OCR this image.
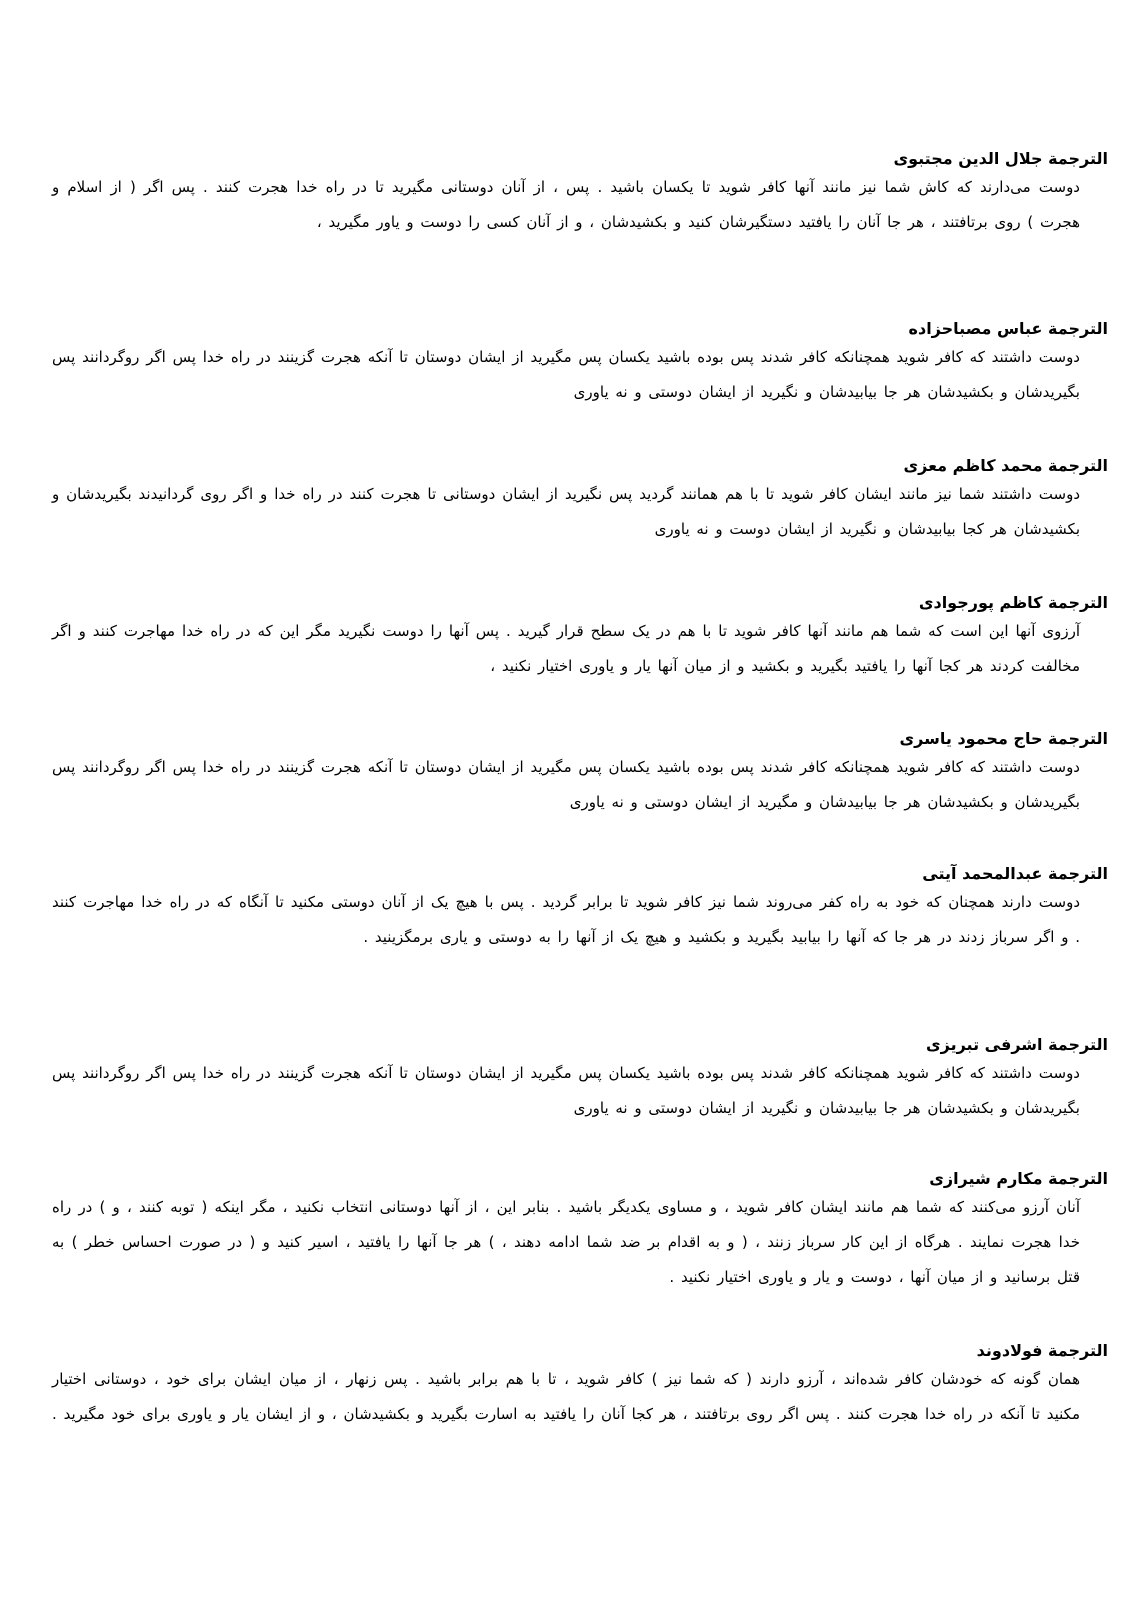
الترجمة جلال الدين مجتبوى

دوست می‌دارند که کاش شما نیز مانند آنها کافر شوید تا یکسان باشید . پس ، از آنان دوستانی مگیرید تا در راه خدا هجرت کنند . پس اگر ( از اسلام و هجرت ) روی برتافتند ، هر جا آنان را یافتید دستگیرشان کنید و بکشیدشان ، و از آنان کسی را دوست و یاور مگیرید ،

الترجمة عباس مصباحزاده

دوست داشتند که کافر شوید همچنانکه کافر شدند پس بوده باشید یکسان پس مگیرید از ایشان دوستان تا آنکه هجرت گزینند در راه خدا پس اگر روگردانند پس بگیریدشان و بکشیدشان هر جا بیابیدشان و نگیرید از ایشان دوستی و نه یاوری

الترجمة محمد کاظم معزی

دوست داشتند شما نیز مانند ایشان کافر شوید تا با هم همانند گردید پس نگیرید از ایشان دوستانی تا هجرت کنند در راه خدا و اگر روی گردانیدند بگیریدشان و بکشیدشان هر کجا بیابیدشان و نگیرید از ایشان دوست و نه یاوری

الترجمة کاظم پورجوادی

آرزوی آنها این است که شما هم مانند آنها کافر شوید تا با هم در یک سطح قرار گیرید . پس آنها را دوست نگیرید مگر این که در راه خدا مهاجرت کنند و اگر مخالفت کردند هر کجا آنها را یافتید بگیرید و بکشید و از میان آنها یار و یاوری اختیار نکنید ،

الترجمة حاج محمود یاسری

دوست داشتند که کافر شوید همچنانکه کافر شدند پس بوده باشید یکسان پس مگیرید از ایشان دوستان تا آنکه هجرت گزینند در راه خدا پس اگر روگردانند پس بگیریدشان و بکشیدشان هر جا بیابیدشان و مگیرید از ایشان دوستی و نه یاوری

الترجمة عبدالمحمد آیتی

دوست دارند همچنان که خود به راه کفر می‌روند شما نیز کافر شوید تا برابر گردید . پس با هیچ یک از آنان دوستی مکنید تا آنگاه که در راه خدا مهاجرت کنند . و اگر سرباز زدند در هر جا که آنها را بیابید بگیرید و بکشید و هیچ یک از آنها را به دوستی و یاری برمگزینید .

الترجمة اشرفی تبریزی

دوست داشتند که کافر شوید همچنانکه کافر شدند پس بوده باشید یکسان پس مگیرید از ایشان دوستان تا آنکه هجرت گزینند در راه خدا پس اگر روگردانند پس بگیریدشان و بکشیدشان هر جا بیابیدشان و نگیرید از ایشان دوستی و نه یاوری

الترجمة مکارم شیرازی

آنان آرزو می‌کنند که شما هم مانند ایشان کافر شوید ، و مساوی یکدیگر باشید . بنابر این ، از آنها دوستانی انتخاب نکنید ، مگر اینکه ( توبه کنند ، و ) در راه خدا هجرت نمایند . هرگاه از این کار سرباز زنند ، ( و به اقدام بر ضد شما ادامه دهند ، ) هر جا آنها را یافتید ، اسیر کنید و ( در صورت احساس خطر ) به قتل برسانید و از میان آنها ، دوست و یار و یاوری اختیار نکنید .

الترجمة فولادوند

همان گونه که خودشان کافر شده‌اند ، آرزو دارند ( که شما نیز ) کافر شوید ، تا با هم برابر باشید . پس زنهار ، از میان ایشان برای خود ، دوستانی اختیار مکنید تا آنکه در راه خدا هجرت کنند . پس اگر روی برتافتند ، هر کجا آنان را یافتید به اسارت بگیرید و بکشیدشان ، و از ایشان یار و یاوری برای خود مگیرید .
